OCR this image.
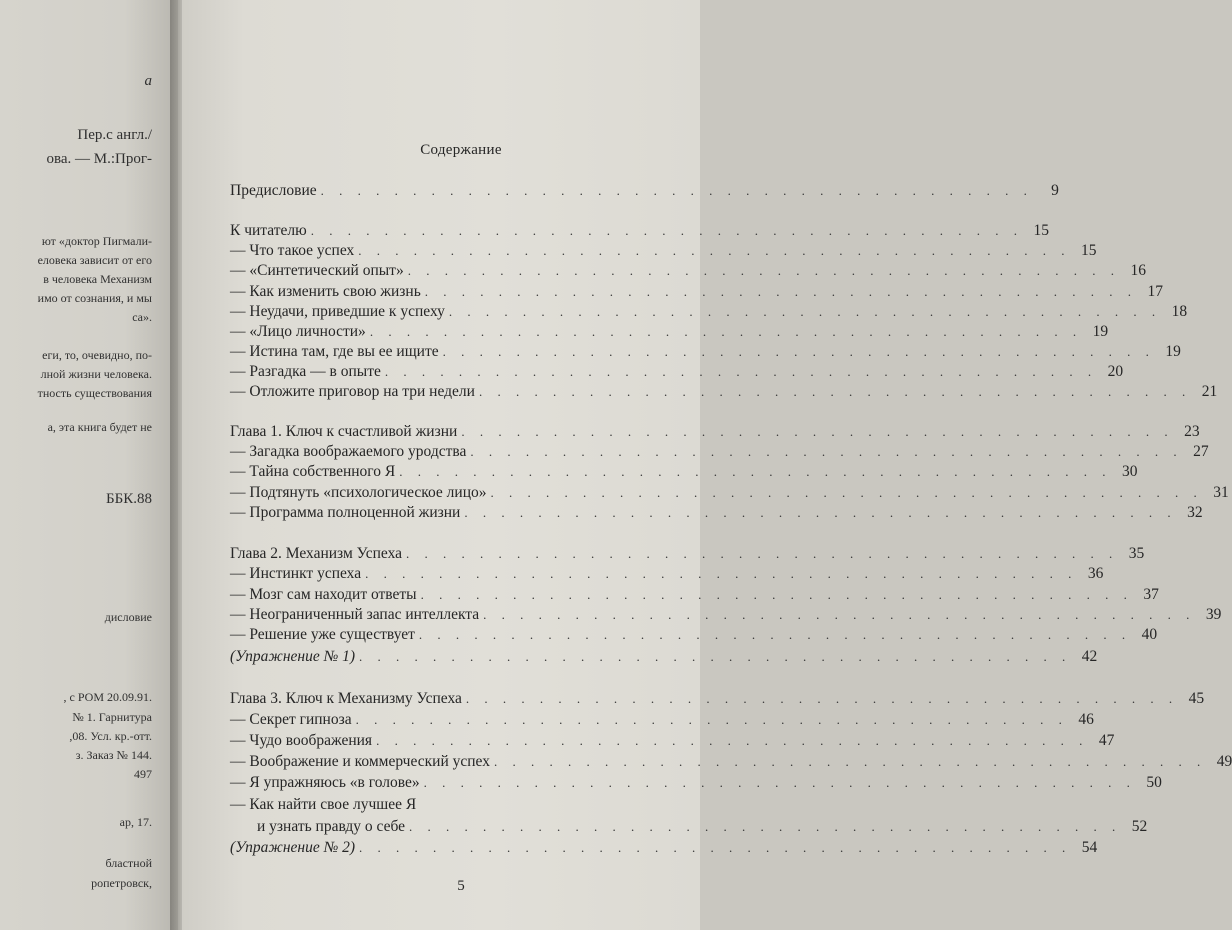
а
Пер.с англ./
ова. — М.:Прог-
ют «доктор Пигмали-
еловека зависит от его
в человека Механизм
имо от сознания, и мы
са».
еги, то, очевидно, по-
лной жизни человека.
тность существования
а, эта книга будет не
ББК.88
дисловие
, с РОМ 20.09.91.
№ 1. Гарнитура
,08. Усл. кр.-отт.
з. Заказ № 144.
497
ар, 17.
бластной
ропетровск,
Содержание
Предисловие . . . . . . . . . . . . . . . . . . . . . . . . . . . . . . . . . . . . . . .	9
К читателю . . . . . . . . . . . . . . . . . . . . . . . . . . . . . . . . . . . . . . . 15
— Что такое успех . . . . . . . . . . . . . . . . . . . . . . . . . . . . . . . . . . . . . . . 15
— «Синтетический опыт» . . . . . . . . . . . . . . . . . . . . . . . . . . . . . . . . . . . . . . . 16
— Как изменить свою жизнь . . . . . . . . . . . . . . . . . . . . . . . . . . . . . . . . . . . . . . . 17
— Неудачи, приведшие к успеху . . . . . . . . . . . . . . . . . . . . . . . . . . . . . . . . . . . . . . . 18
— «Лицо личности» . . . . . . . . . . . . . . . . . . . . . . . . . . . . . . . . . . . . . . . 19
— Истина там, где вы ее ищите . . . . . . . . . . . . . . . . . . . . . . . . . . . . . . . . . . . . . . . 19
— Разгадка — в опыте . . . . . . . . . . . . . . . . . . . . . . . . . . . . . . . . . . . . . . . 20
— Отложите приговор на три недели . . . . . . . . . . . . . . . . . . . . . . . . . . . . . . . . . . . . . . . 21
Глава 1. Ключ к счастливой жизни . . . . . . . . . . . . . . . . . . . . . . . . . . . . . . . . . . . . . . . 23
— Загадка воображаемого уродства . . . . . . . . . . . . . . . . . . . . . . . . . . . . . . . . . . . . . . . 27
— Тайна собственного Я . . . . . . . . . . . . . . . . . . . . . . . . . . . . . . . . . . . . . . . 30
— Подтянуть «психологическое лицо» . . . . . . . . . . . . . . . . . . . . . . . . . . . . . . . . . . . . . . . 31
— Программа полноценной жизни . . . . . . . . . . . . . . . . . . . . . . . . . . . . . . . . . . . . . . . 32
Глава 2. Механизм Успеха . . . . . . . . . . . . . . . . . . . . . . . . . . . . . . . . . . . . . . . 35
— Инстинкт успеха . . . . . . . . . . . . . . . . . . . . . . . . . . . . . . . . . . . . . . . 36
— Мозг сам находит ответы . . . . . . . . . . . . . . . . . . . . . . . . . . . . . . . . . . . . . . . 37
— Неограниченный запас интеллекта . . . . . . . . . . . . . . . . . . . . . . . . . . . . . . . . . . . . . . . 39
— Решение уже существует . . . . . . . . . . . . . . . . . . . . . . . . . . . . . . . . . . . . . . . 40
(Упражнение № 1) . . . . . . . . . . . . . . . . . . . . . . . . . . . . . . . . . . . . . . . 42
Глава 3. Ключ к Механизму Успеха . . . . . . . . . . . . . . . . . . . . . . . . . . . . . . . . . . . . . . . 45
— Секрет гипноза . . . . . . . . . . . . . . . . . . . . . . . . . . . . . . . . . . . . . . . 46
— Чудо воображения . . . . . . . . . . . . . . . . . . . . . . . . . . . . . . . . . . . . . . . 47
— Воображение и коммерческий успех . . . . . . . . . . . . . . . . . . . . . . . . . . . . . . . . . . . . . . . 49
— Я упражняюсь «в голове» . . . . . . . . . . . . . . . . . . . . . . . . . . . . . . . . . . . . . . . 50
и узнать правду о себе . . . . . . . . . . . . . . . . . . . . . . . . . . . . . . . . . . . . . . . 52
(Упражнение № 2) . . . . . . . . . . . . . . . . . . . . . . . . . . . . . . . . . . . . . . . 54
— Как найти свое лучшее Я
5
